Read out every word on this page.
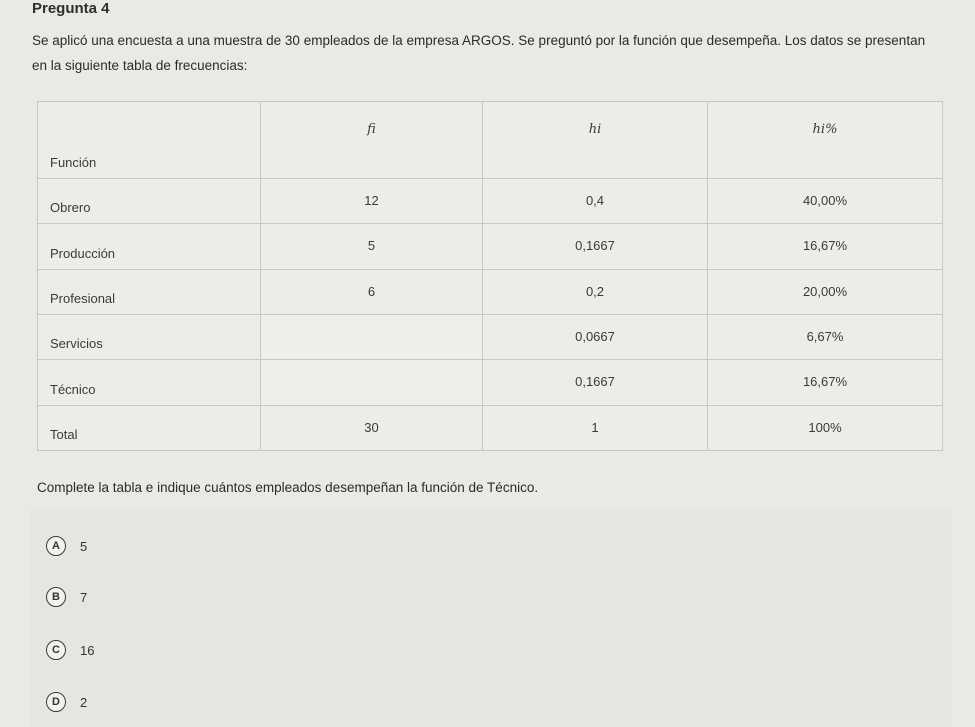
Pregunta 4
Se aplicó una encuesta a una muestra de 30 empleados de la empresa ARGOS. Se preguntó por la función que desempeña. Los datos se presentan en la siguiente tabla de frecuencias:
Función	fi	hi	hi%
Obrero	12	0,4	40,00%
Producción	5	0,1667	16,67%
Profesional	6	0,2	20,00%
Servicios		0,0667	6,67%
Técnico		0,1667	16,67%
Total	30	1	100%
Complete la tabla e indique cuántos empleados desempeñan la función de Técnico.
A	5
B	7
C	16
D	2
